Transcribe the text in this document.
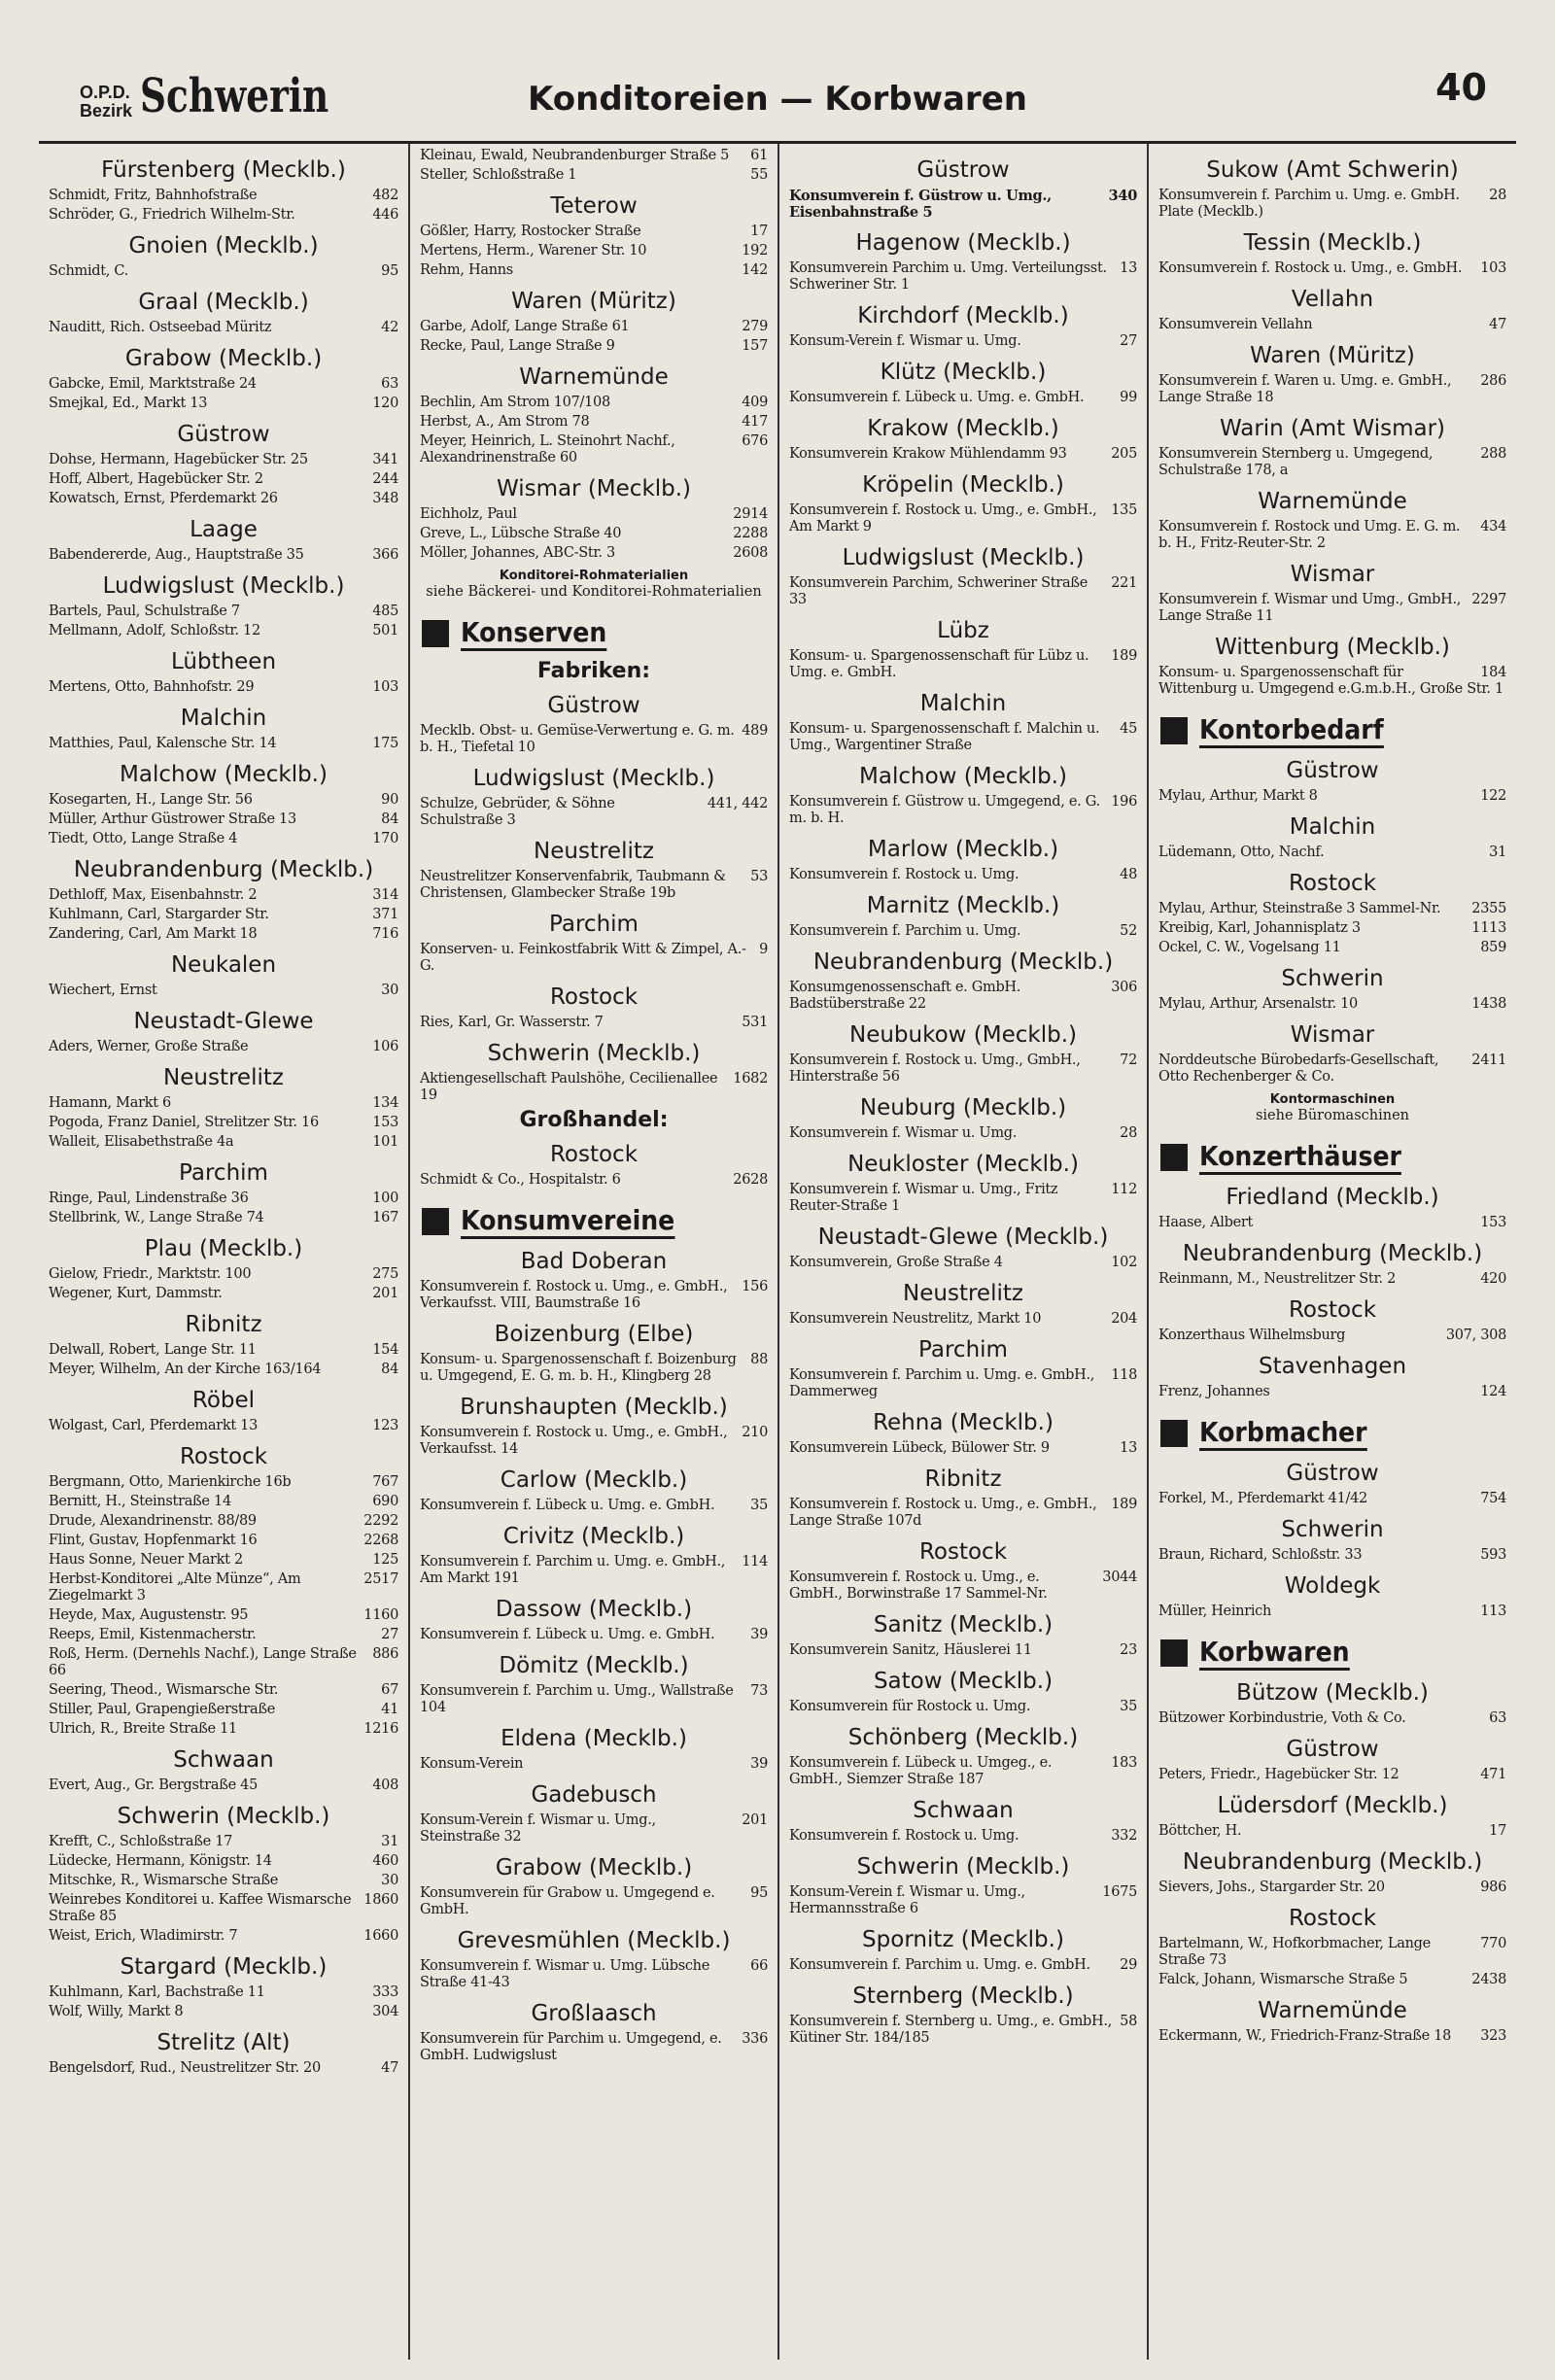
O.P.D.
Bezirk Schwerin	Konditoreien — Korbwaren	40
Fürstenberg (Mecklb.)
482
Schmidt, Fritz, Bahnhofstraße
446
Schröder, G., Friedrich Wilhelm-Str.
Gnoien (Mecklb.)
95
Schmidt, C.
Graal (Mecklb.)
42
Nauditt, Rich. Ostseebad Müritz
Grabow (Mecklb.)
63
Gabcke, Emil, Marktstraße 24
120
Smejkal, Ed., Markt 13
Güstrow
341
Dohse, Hermann, Hagebücker Str. 25
244
Hoff, Albert, Hagebücker Str. 2
348
Kowatsch, Ernst, Pferdemarkt 26
Laage
366
Babendererde, Aug., Hauptstraße 35
Ludwigslust (Mecklb.)
485
Bartels, Paul, Schulstraße 7
501
Mellmann, Adolf, Schloßstr. 12
Lübtheen
103
Mertens, Otto, Bahnhofstr. 29
Malchin
175
Matthies, Paul, Kalensche Str. 14
Malchow (Mecklb.)
90
Kosegarten, H., Lange Str. 56
84
Müller, Arthur Güstrower Straße 13
170
Tiedt, Otto, Lange Straße 4
Neubrandenburg (Mecklb.)
314
Dethloff, Max, Eisenbahnstr. 2
371
Kuhlmann, Carl, Stargarder Str.
716
Zandering, Carl, Am Markt 18
Neukalen
30
Wiechert, Ernst
Neustadt-Glewe
106
Aders, Werner, Große Straße
Neustrelitz
134
Hamann, Markt 6
153
Pogoda, Franz Daniel, Strelitzer Str. 16
101
Walleit, Elisabethstraße 4a
Parchim
100
Ringe, Paul, Lindenstraße 36
167
Stellbrink, W., Lange Straße 74
Plau (Mecklb.)
275
Gielow, Friedr., Marktstr. 100
201
Wegener, Kurt, Dammstr.
Ribnitz
154
Delwall, Robert, Lange Str. 11
84
Meyer, Wilhelm, An der Kirche 163/164
Röbel
123
Wolgast, Carl, Pferdemarkt 13
Rostock
767
Bergmann, Otto, Marienkirche 16b
690
Bernitt, H., Steinstraße 14
2292
Drude, Alexandrinenstr. 88/89
2268
Flint, Gustav, Hopfenmarkt 16
125
Haus Sonne, Neuer Markt 2
2517
Herbst-Konditorei „Alte Münze“, Am Ziegelmarkt 3
1160
Heyde, Max, Augustenstr. 95
27
Reeps, Emil, Kistenmacherstr.
886
Roß, Herm. (Dernehls Nachf.), Lange Straße 66
67
Seering, Theod., Wismarsche Str.
41
Stiller, Paul, Grapengießerstraße
1216
Ulrich, R., Breite Straße 11
Schwaan
408
Evert, Aug., Gr. Bergstraße 45
Schwerin (Mecklb.)
31
Krefft, C., Schloßstraße 17
460
Lüdecke, Hermann, Königstr. 14
30
Mitschke, R., Wismarsche Straße
1860
Weinrebes Konditorei u. Kaffee Wismarsche Straße 85
1660
Weist, Erich, Wladimirstr. 7
Stargard (Mecklb.)
333
Kuhlmann, Karl, Bachstraße 11
304
Wolf, Willy, Markt 8
Strelitz (Alt)
47
Bengelsdorf, Rud., Neustrelitzer Str. 20
61
Kleinau, Ewald, Neubrandenburger Straße 5
55
Steller, Schloßstraße 1
Teterow
17
Gößler, Harry, Rostocker Straße
192
Mertens, Herm., Warener Str. 10
142
Rehm, Hanns
Waren (Müritz)
279
Garbe, Adolf, Lange Straße 61
157
Recke, Paul, Lange Straße 9
Warnemünde
409
Bechlin, Am Strom 107/108
417
Herbst, A., Am Strom 78
676
Meyer, Heinrich, L. Steinohrt Nachf., Alexandrinenstraße 60
Wismar (Mecklb.)
2914
Eichholz, Paul
2288
Greve, L., Lübsche Straße 40
2608
Möller, Johannes, ABC-Str. 3
Konditorei-Rohmaterialien
siehe Bäckerei- und Konditorei-Rohmaterialien
Konserven
Fabriken:
Güstrow
489
Mecklb. Obst- u. Gemüse-Verwertung e. G. m. b. H., Tiefetal 10
Ludwigslust (Mecklb.)
441, 442
Schulze, Gebrüder, & Söhne Schulstraße 3
Neustrelitz
53
Neustrelitzer Konservenfabrik, Taubmann & Christensen, Glambecker Straße 19b
Parchim
9
Konserven- u. Feinkostfabrik Witt & Zimpel, A.-G.
Rostock
531
Ries, Karl, Gr. Wasserstr. 7
Schwerin (Mecklb.)
1682
Aktiengesellschaft Paulshöhe, Cecilienallee 19
Großhandel:
Rostock
2628
Schmidt & Co., Hospitalstr. 6
Konsumvereine
Bad Doberan
156
Konsumverein f. Rostock u. Umg., e. GmbH., Verkaufsst. VIII, Baumstraße 16
Boizenburg (Elbe)
88
Konsum- u. Spargenossenschaft f. Boizenburg u. Umgegend, E. G. m. b. H., Klingberg 28
Brunshaupten (Mecklb.)
210
Konsumverein f. Rostock u. Umg., e. GmbH., Verkaufsst. 14
Carlow (Mecklb.)
35
Konsumverein f. Lübeck u. Umg. e. GmbH.
Crivitz (Mecklb.)
114
Konsumverein f. Parchim u. Umg. e. GmbH., Am Markt 191
Dassow (Mecklb.)
39
Konsumverein f. Lübeck u. Umg. e. GmbH.
Dömitz (Mecklb.)
73
Konsumverein f. Parchim u. Umg., Wallstraße 104
Eldena (Mecklb.)
39
Konsum-Verein
Gadebusch
201
Konsum-Verein f. Wismar u. Umg., Steinstraße 32
Grabow (Mecklb.)
95
Konsumverein für Grabow u. Umgegend e. GmbH.
Grevesmühlen (Mecklb.)
66
Konsumverein f. Wismar u. Umg. Lübsche Straße 41-43
Großlaasch
336
Konsumverein für Parchim u. Umgegend, e. GmbH. Ludwigslust
Güstrow
340
Konsumverein f. Güstrow u. Umg., Eisenbahnstraße 5
Hagenow (Mecklb.)
13
Konsumverein Parchim u. Umg. Verteilungsst. Schweriner Str. 1
Kirchdorf (Mecklb.)
27
Konsum-Verein f. Wismar u. Umg.
Klütz (Mecklb.)
99
Konsumverein f. Lübeck u. Umg. e. GmbH.
Krakow (Mecklb.)
205
Konsumverein Krakow Mühlendamm 93
Kröpelin (Mecklb.)
135
Konsumverein f. Rostock u. Umg., e. GmbH., Am Markt 9
Ludwigslust (Mecklb.)
221
Konsumverein Parchim, Schweriner Straße 33
Lübz
189
Konsum- u. Spargenossenschaft für Lübz u. Umg. e. GmbH.
Malchin
45
Konsum- u. Spargenossenschaft f. Malchin u. Umg., Wargentiner Straße
Malchow (Mecklb.)
196
Konsumverein f. Güstrow u. Umgegend, e. G. m. b. H.
Marlow (Mecklb.)
48
Konsumverein f. Rostock u. Umg.
Marnitz (Mecklb.)
52
Konsumverein f. Parchim u. Umg.
Neubrandenburg (Mecklb.)
306
Konsumgenossenschaft e. GmbH. Badstüberstraße 22
Neubukow (Mecklb.)
72
Konsumverein f. Rostock u. Umg., GmbH., Hinterstraße 56
Neuburg (Mecklb.)
28
Konsumverein f. Wismar u. Umg.
Neukloster (Mecklb.)
112
Konsumverein f. Wismar u. Umg., Fritz Reuter-Straße 1
Neustadt-Glewe (Mecklb.)
102
Konsumverein, Große Straße 4
Neustrelitz
204
Konsumverein Neustrelitz, Markt 10
Parchim
118
Konsumverein f. Parchim u. Umg. e. GmbH., Dammerweg
Rehna (Mecklb.)
13
Konsumverein Lübeck, Bülower Str. 9
Ribnitz
189
Konsumverein f. Rostock u. Umg., e. GmbH., Lange Straße 107d
Rostock
3044
Konsumverein f. Rostock u. Umg., e. GmbH., Borwinstraße 17 Sammel-Nr.
Sanitz (Mecklb.)
23
Konsumverein Sanitz, Häuslerei 11
Satow (Mecklb.)
35
Konsumverein für Rostock u. Umg.
Schönberg (Mecklb.)
183
Konsumverein f. Lübeck u. Umgeg., e. GmbH., Siemzer Straße 187
Schwaan
332
Konsumverein f. Rostock u. Umg.
Schwerin (Mecklb.)
1675
Konsum-Verein f. Wismar u. Umg., Hermannsstraße 6
Spornitz (Mecklb.)
29
Konsumverein f. Parchim u. Umg. e. GmbH.
Sternberg (Mecklb.)
58
Konsumverein f. Sternberg u. Umg., e. GmbH., Kütiner Str. 184/185
Sukow (Amt Schwerin)
28
Konsumverein f. Parchim u. Umg. e. GmbH. Plate (Mecklb.)
Tessin (Mecklb.)
103
Konsumverein f. Rostock u. Umg., e. GmbH.
Vellahn
47
Konsumverein Vellahn
Waren (Müritz)
286
Konsumverein f. Waren u. Umg. e. GmbH., Lange Straße 18
Warin (Amt Wismar)
288
Konsumverein Sternberg u. Umgegend, Schulstraße 178, a
Warnemünde
434
Konsumverein f. Rostock und Umg. E. G. m. b. H., Fritz-Reuter-Str. 2
Wismar
2297
Konsumverein f. Wismar und Umg., GmbH., Lange Straße 11
Wittenburg (Mecklb.)
184
Konsum- u. Spargenossenschaft für Wittenburg u. Umgegend e.G.m.b.H., Große Str. 1
Kontorbedarf
Güstrow
122
Mylau, Arthur, Markt 8
Malchin
31
Lüdemann, Otto, Nachf.
Rostock
2355
Mylau, Arthur, Steinstraße 3 Sammel-Nr.
1113
Kreibig, Karl, Johannisplatz 3
859
Ockel, C. W., Vogelsang 11
Schwerin
1438
Mylau, Arthur, Arsenalstr. 10
Wismar
2411
Norddeutsche Bürobedarfs-Gesellschaft, Otto Rechenberger & Co.
Kontormaschinen
siehe Büromaschinen
Konzerthäuser
Friedland (Mecklb.)
153
Haase, Albert
Neubrandenburg (Mecklb.)
420
Reinmann, M., Neustrelitzer Str. 2
Rostock
307, 308
Konzerthaus Wilhelmsburg
Stavenhagen
124
Frenz, Johannes
Korbmacher
Güstrow
754
Forkel, M., Pferdemarkt 41/42
Schwerin
593
Braun, Richard, Schloßstr. 33
Woldegk
113
Müller, Heinrich
Korbwaren
Bützow (Mecklb.)
63
Bützower Korbindustrie, Voth & Co.
Güstrow
471
Peters, Friedr., Hagebücker Str. 12
Lüdersdorf (Mecklb.)
17
Böttcher, H.
Neubrandenburg (Mecklb.)
986
Sievers, Johs., Stargarder Str. 20
Rostock
770
Bartelmann, W., Hofkorbmacher, Lange Straße 73
2438
Falck, Johann, Wismarsche Straße 5
Warnemünde
323
Eckermann, W., Friedrich-Franz-Straße 18
